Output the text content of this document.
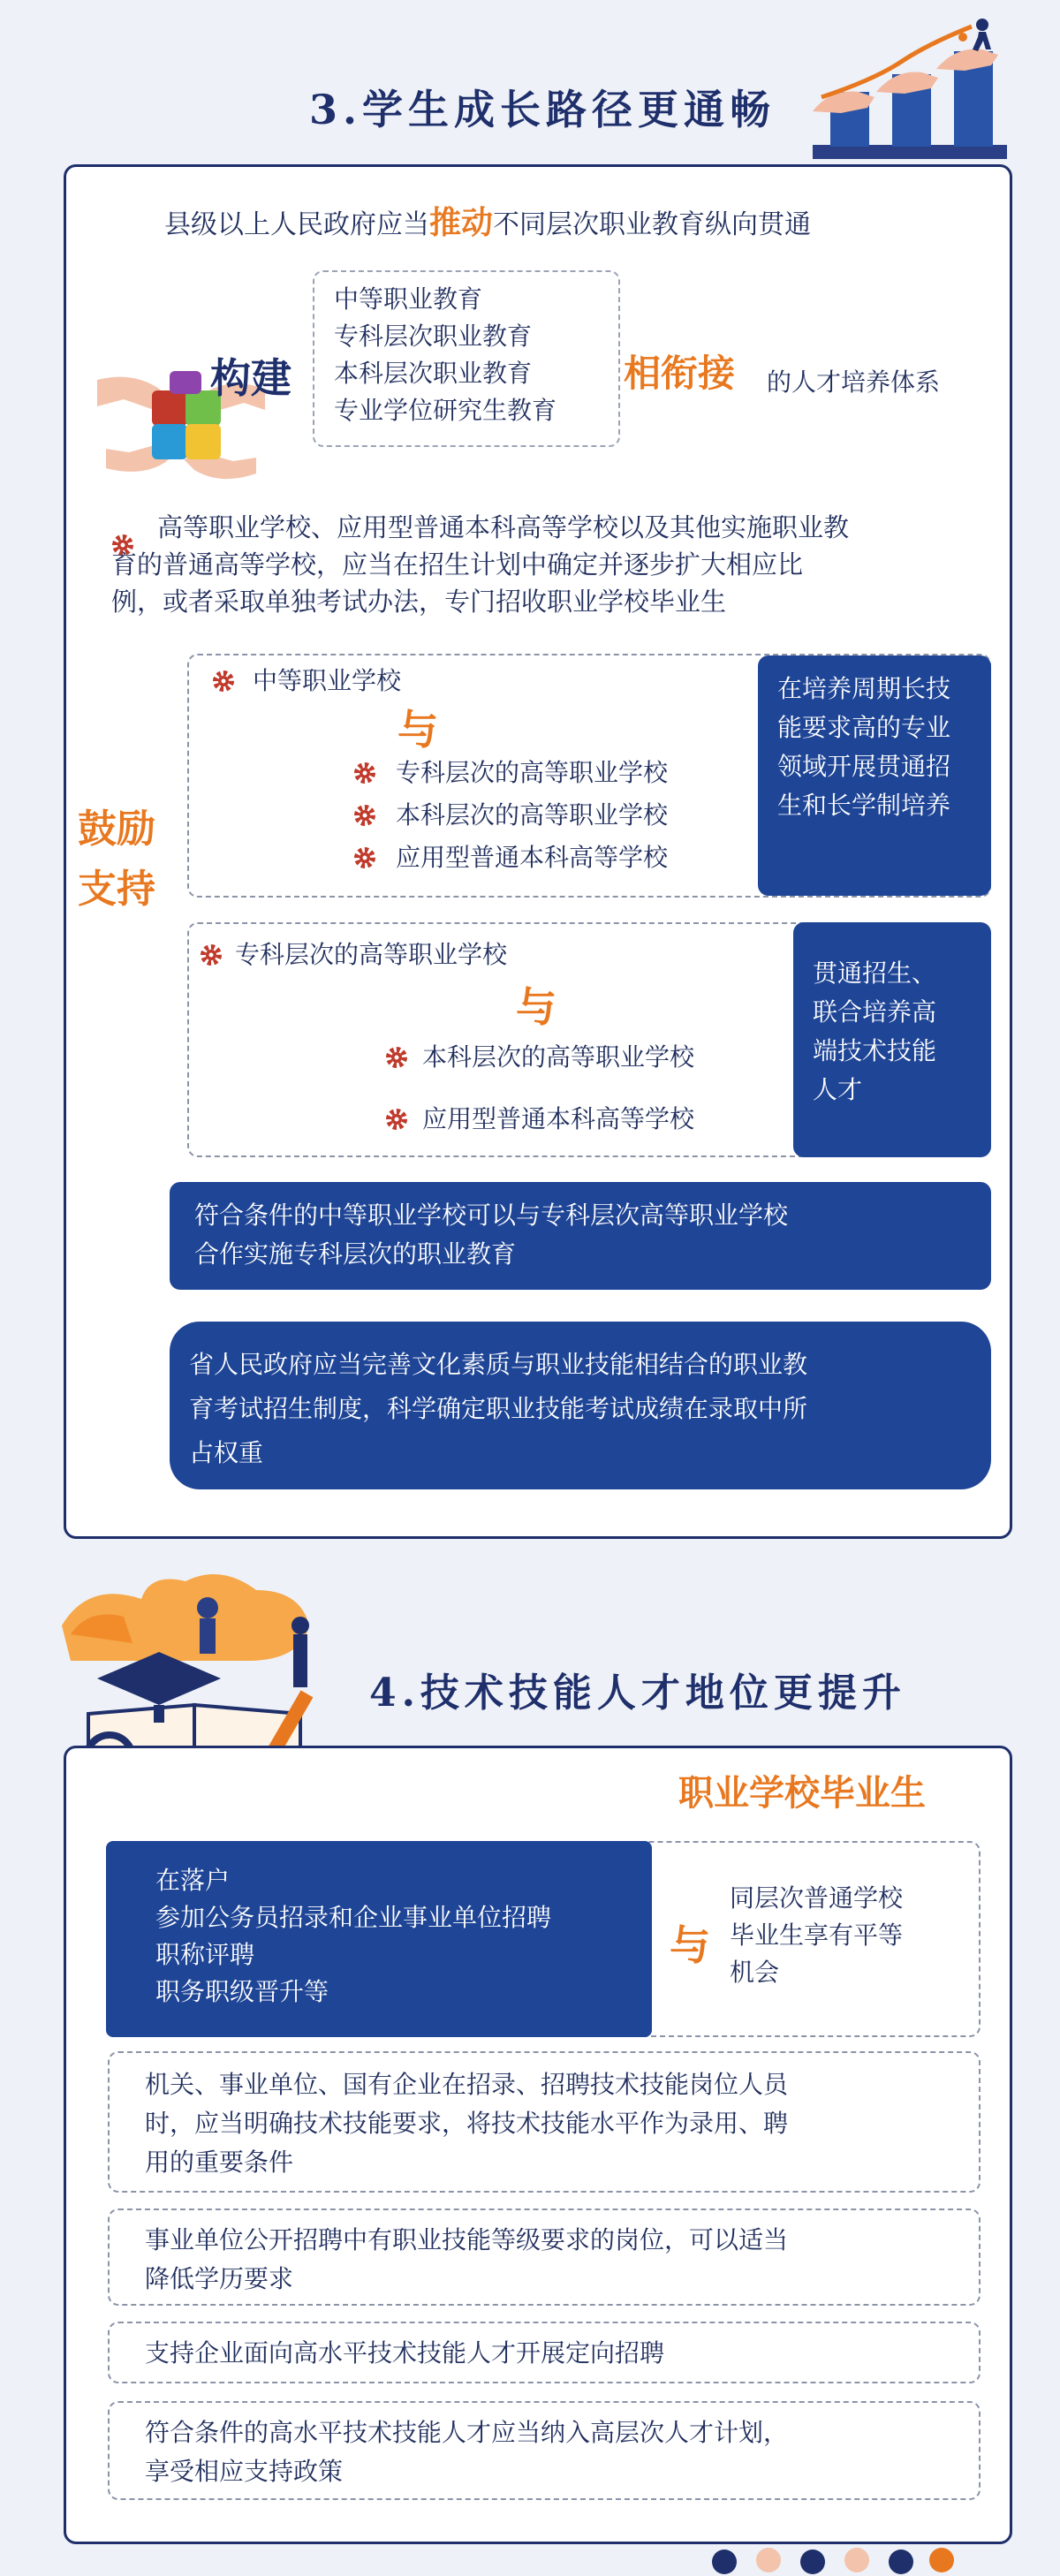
3.学生成长路径更通畅
县级以上人民政府应当推动不同层次职业教育纵向贯通
构建
中等职业教育
专科层次职业教育
本科层次职业教育
专业学位研究生教育
相衔接 的人才培养体系
高等职业学校、应用型普通本科高等学校以及其他实施职业教
育的普通高等学校，应当在招生计划中确定并逐步扩大相应比
例，或者采取单独考试办法，专门招收职业学校毕业生
鼓励
支持
中等职业学校
与
专科层次的高等职业学校
本科层次的高等职业学校
应用型普通本科高等学校
在培养周期长技
能要求高的专业
领域开展贯通招
生和长学制培养
专科层次的高等职业学校
与
本科层次的高等职业学校
应用型普通本科高等学校
贯通招生、
联合培养高
端技术技能
人才
符合条件的中等职业学校可以与专科层次高等职业学校
合作实施专科层次的职业教育
省人民政府应当完善文化素质与职业技能相结合的职业教
育考试招生制度，科学确定职业技能考试成绩在录取中所
占权重
4.技术技能人才地位更提升
职业学校毕业生
在落户
参加公务员招录和企业事业单位招聘
职称评聘
职务职级晋升等
与
同层次普通学校
毕业生享有平等
机会
机关、事业单位、国有企业在招录、招聘技术技能岗位人员
时，应当明确技术技能要求，将技术技能水平作为录用、聘
用的重要条件
事业单位公开招聘中有职业技能等级要求的岗位，可以适当
降低学历要求
支持企业面向高水平技术技能人才开展定向招聘
符合条件的高水平技术技能人才应当纳入高层次人才计划，
享受相应支持政策
